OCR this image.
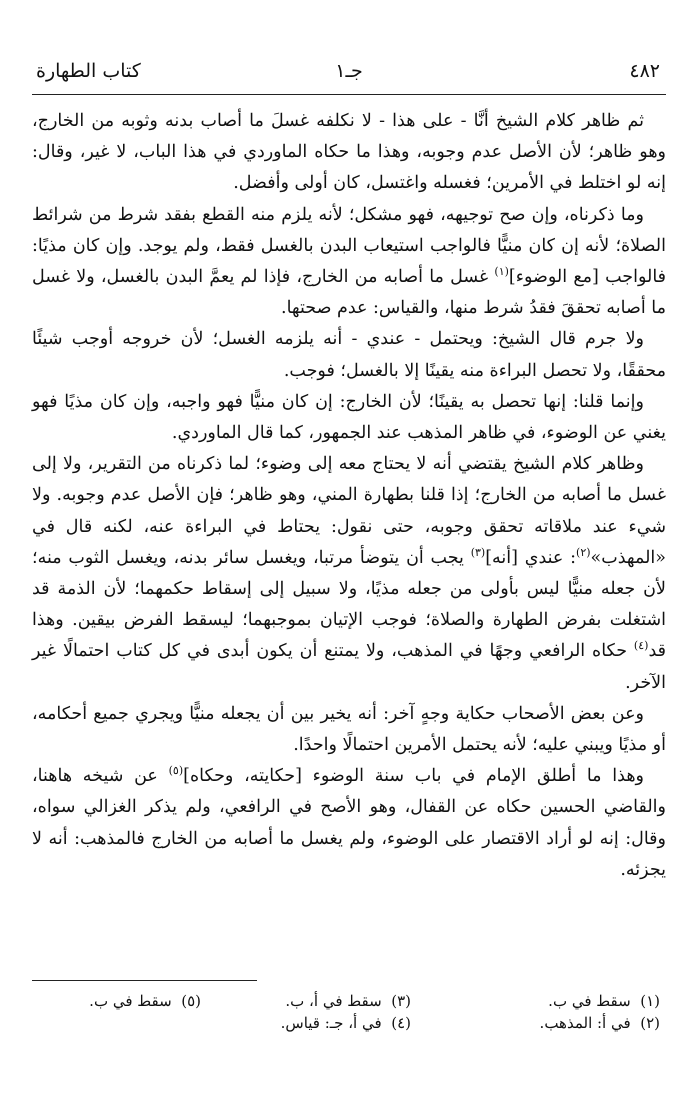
٤٨٢
جـ١
كتاب الطهارة

ثم ظاهر كلام الشيخ أنَّا - على هذا - لا نكلفه غسلَ ما أصاب بدنه وثوبه من الخارج، وهو ظاهر؛ لأن الأصل عدم وجوبه، وهذا ما حكاه الماوردي في هذا الباب، لا غير، وقال: إنه لو اختلط في الأمرين؛ فغسله واغتسل، كان أولى وأفضل.

وما ذكرناه، وإن صح توجيهه، فهو مشكل؛ لأنه يلزم منه القطع بفقد شرط من شرائط الصلاة؛ لأنه إن كان منيًّا فالواجب استيعاب البدن بالغسل فقط، ولم يوجد. وإن كان مذيًا: فالواجب [مع الوضوء]$^{(١)}$ غسل ما أصابه من الخارج، فإذا لم يعمَّ البدن بالغسل، ولا غسل ما أصابه تحققَ فقدُ شرط منها، والقياس: عدم صحتها.

ولا جرم قال الشيخ: ويحتمل - عندي - أنه يلزمه الغسل؛ لأن خروجه أوجب شيئًا محققًا، ولا تحصل البراءة منه يقينًا إلا بالغسل؛ فوجب.

وإنما قلنا: إنها تحصل به يقينًا؛ لأن الخارج: إن كان منيًّا فهو واجبه، وإن كان مذيًا فهو يغني عن الوضوء، في ظاهر المذهب عند الجمهور، كما قال الماوردي.

وظاهر كلام الشيخ يقتضي أنه لا يحتاج معه إلى وضوء؛ لما ذكرناه من التقرير، ولا إلى غسل ما أصابه من الخارج؛ إذا قلنا بطهارة المني، وهو ظاهر؛ فإن الأصل عدم وجوبه. ولا شيء عند ملاقاته تحقق وجوبه، حتى نقول: يحتاط في البراءة عنه، لكنه قال في «المهذب»$^{(٢)}$: عندي [أنه]$^{(٣)}$ يجب أن يتوضأ مرتبا، ويغسل سائر بدنه، ويغسل الثوب منه؛ لأن جعله منيًّا ليس بأولى من جعله مذيًا، ولا سبيل إلى إسقاط حكمهما؛ لأن الذمة قد اشتغلت بفرض الطهارة والصلاة؛ فوجب الإتيان بموجبهما؛ ليسقط الفرض بيقين. وهذا قد$^{(٤)}$ حكاه الرافعي وجهًا في المذهب، ولا يمتنع أن يكون أبدى في كل كتاب احتمالًا غير الآخر.

وعن بعض الأصحاب حكاية وجهٍ آخر: أنه يخير بين أن يجعله منيًّا ويجري جميع أحكامه، أو مذيًا ويبني عليه؛ لأنه يحتمل الأمرين احتمالًا واحدًا.

وهذا ما أطلق الإمام في باب سنة الوضوء [حكايته، وحكاه]$^{(٥)}$ عن شيخه هاهنا، والقاضي الحسين حكاه عن القفال، وهو الأصح في الرافعي، ولم يذكر الغزالي سواه، وقال: إنه لو أراد الاقتصار على الوضوء، ولم يغسل ما أصابه من الخارج فالمذهب: أنه لا يجزئه.

(١)  سقط في ب.
(٣)  سقط في أ، ب.
(٥)  سقط في ب.
(٢)  في أ: المذهب.
(٤)  في أ، جـ: قياس.
